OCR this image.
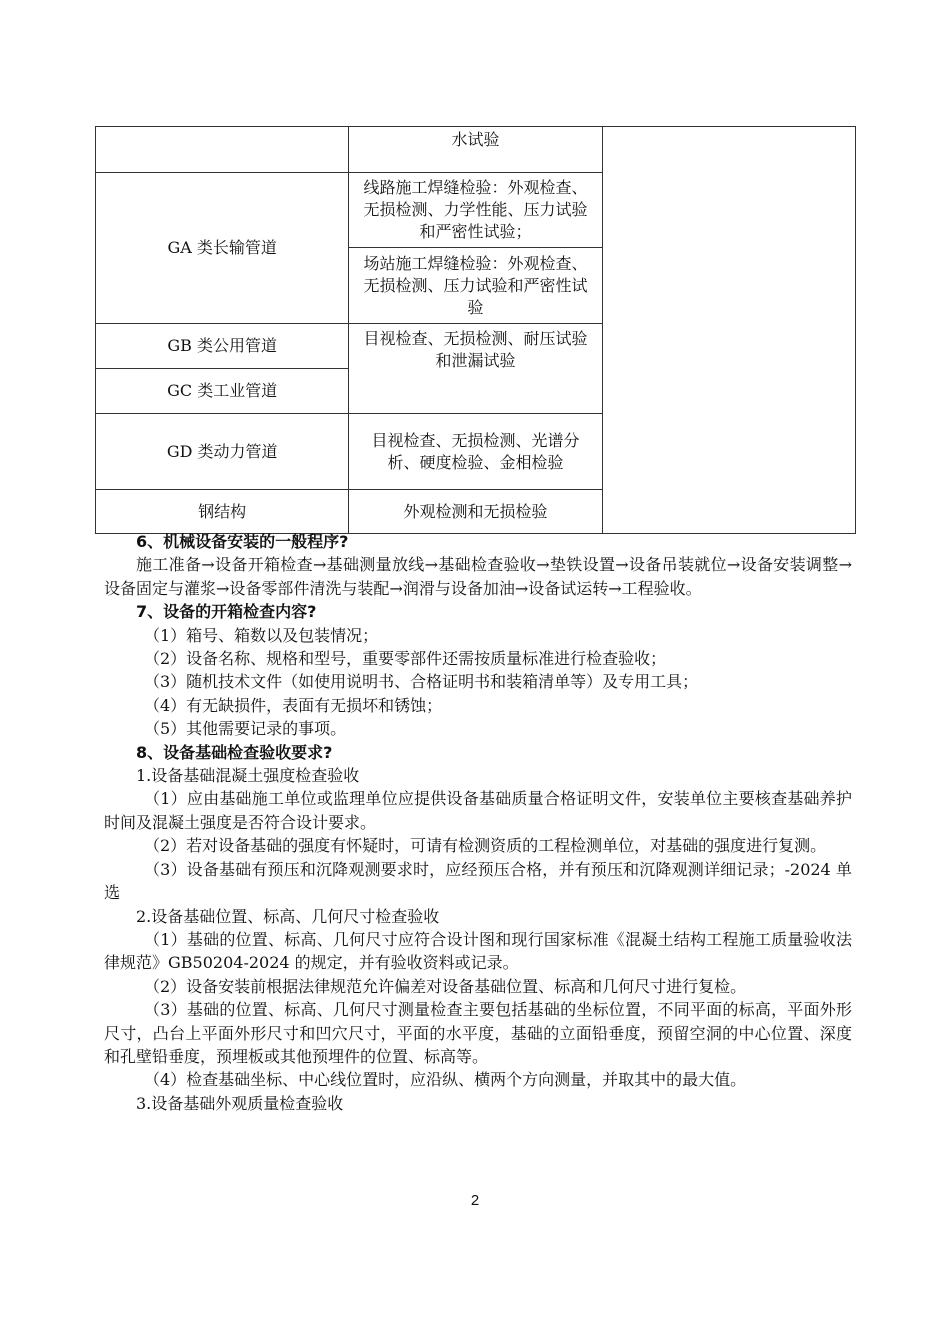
	水试验	
GA 类长输管道	线路施工焊缝检验：外观检查、无损检测、力学性能、压力试验和严密性试验；	
	场站施工焊缝检验：外观检查、无损检测、压力试验和严密性试验	
GB 类公用管道	目视检查、无损检测、耐压试验和泄漏试验	
GC 类工业管道		
GD 类动力管道	目视检查、无损检测、光谱分析、硬度检验、金相检验	
钢结构	外观检测和无损检验	

6、机械设备安装的一般程序?

施工准备→设备开箱检查→基础测量放线→基础检查验收→垫铁设置→设备吊装就位→设备安装调整→设备固定与灌浆→设备零部件清洗与装配→润滑与设备加油→设备试运转→工程验收。

7、设备的开箱检查内容?

（1）箱号、箱数以及包装情况；

（2）设备名称、规格和型号，重要零部件还需按质量标准进行检查验收；

（3）随机技术文件（如使用说明书、合格证明书和装箱清单等）及专用工具；

（4）有无缺损件，表面有无损坏和锈蚀；

（5）其他需要记录的事项。

8、设备基础检查验收要求?

1.设备基础混凝土强度检查验收

（1）应由基础施工单位或监理单位应提供设备基础质量合格证明文件，安装单位主要核查基础养护时间及混凝土强度是否符合设计要求。

（2）若对设备基础的强度有怀疑时，可请有检测资质的工程检测单位，对基础的强度进行复测。

（3）设备基础有预压和沉降观测要求时，应经预压合格，并有预压和沉降观测详细记录；-2024 单选

2.设备基础位置、标高、几何尺寸检查验收

（1）基础的位置、标高、几何尺寸应符合设计图和现行国家标准《混凝土结构工程施工质量验收法律规范》GB50204-2024 的规定，并有验收资料或记录。

（2）设备安装前根据法律规范允许偏差对设备基础位置、标高和几何尺寸进行复检。

（3）基础的位置、标高、几何尺寸测量检查主要包括基础的坐标位置，不同平面的标高，平面外形尺寸，凸台上平面外形尺寸和凹穴尺寸，平面的水平度，基础的立面铅垂度，预留空洞的中心位置、深度和孔壁铅垂度，预埋板或其他预埋件的位置、标高等。

（4）检查基础坐标、中心线位置时，应沿纵、横两个方向测量，并取其中的最大值。

3.设备基础外观质量检查验收

2
